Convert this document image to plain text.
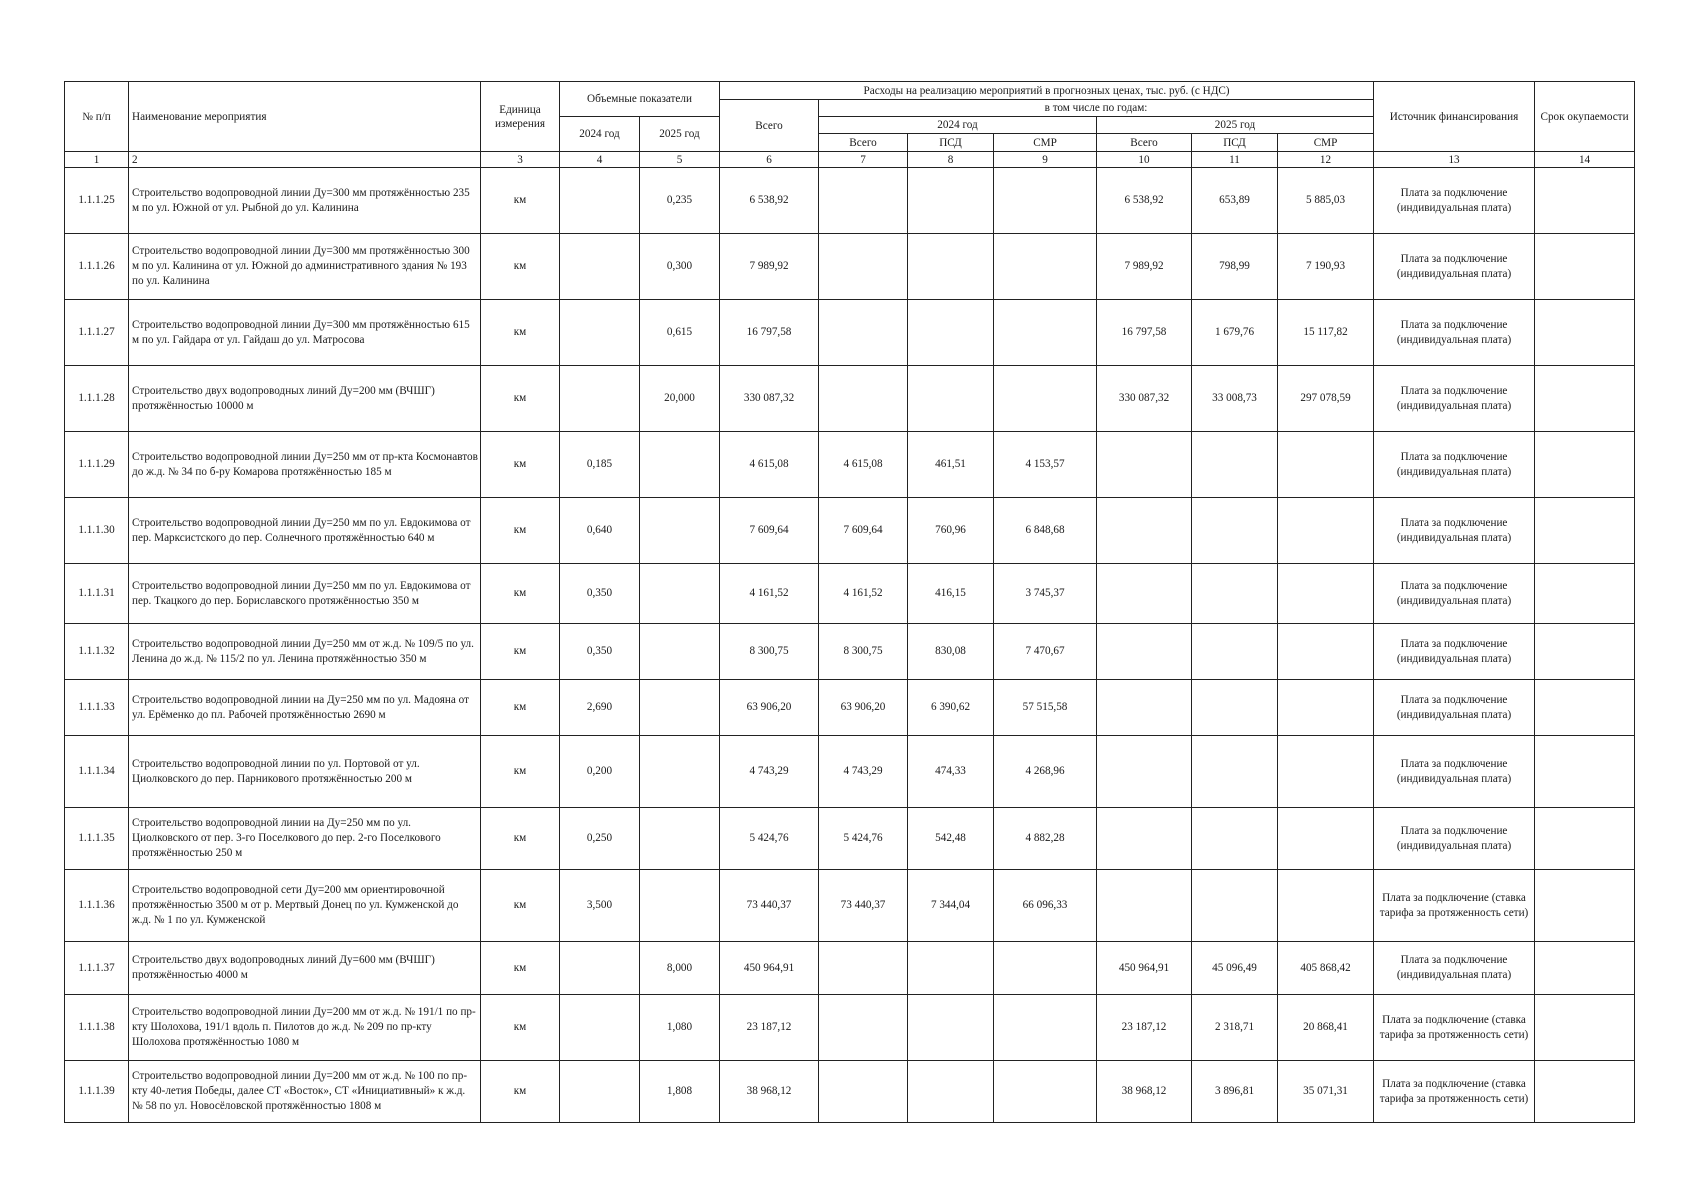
№ п/п	Наименование мероприятия	Единица измерения	Объемные показатели		Расходы на реализацию мероприятий в прогнозных ценах, тыс. руб. (с НДС)							Источник финансирования	Срок окупаемости
					Всего	в том числе по годам:							
			2024 год	2025 год		2024 год			2025 год				
						Всего	ПСД	СМР	Всего	ПСД	СМР		
1	2	3	4	5	6	7	8	9	10	11	12	13	14
1.1.1.25	Строительство водопроводной линии Ду=300 мм протяжённостью 235 м по ул. Южной от ул. Рыбной до ул. Калинина	км		0,235	6 538,92				6 538,92	653,89	5 885,03	Плата за подключение (индивидуальная плата)	
1.1.1.26	Строительство водопроводной линии Ду=300 мм протяжённостью 300 м по ул. Калинина от ул. Южной до административного здания № 193 по ул. Калинина	км		0,300	7 989,92				7 989,92	798,99	7 190,93	Плата за подключение (индивидуальная плата)	
1.1.1.27	Строительство водопроводной линии Ду=300 мм протяжённостью 615 м по ул. Гайдара от ул. Гайдаш до ул. Матросова	км		0,615	16 797,58				16 797,58	1 679,76	15 117,82	Плата за подключение (индивидуальная плата)	
1.1.1.28	Строительство двух водопроводных линий Ду=200 мм (ВЧШГ) протяжённостью 10000 м	км		20,000	330 087,32				330 087,32	33 008,73	297 078,59	Плата за подключение (индивидуальная плата)	
1.1.1.29	Строительство водопроводной линии Ду=250 мм от пр-кта Космонавтов до ж.д. № 34 по б-ру Комарова протяжённостью 185 м	км	0,185		4 615,08	4 615,08	461,51	4 153,57				Плата за подключение (индивидуальная плата)	
1.1.1.30	Строительство водопроводной линии Ду=250 мм по ул. Евдокимова от пер. Марксистского до пер. Солнечного протяжённостью 640 м	км	0,640		7 609,64	7 609,64	760,96	6 848,68				Плата за подключение (индивидуальная плата)	
1.1.1.31	Строительство водопроводной линии Ду=250 мм по ул. Евдокимова от пер. Ткацкого до пер. Бориславского протяжённостью 350 м	км	0,350		4 161,52	4 161,52	416,15	3 745,37				Плата за подключение (индивидуальная плата)	
1.1.1.32	Строительство водопроводной линии Ду=250 мм от ж.д. № 109/5 по ул. Ленина до ж.д. № 115/2 по ул. Ленина протяжённостью 350 м	км	0,350		8 300,75	8 300,75	830,08	7 470,67				Плата за подключение (индивидуальная плата)	
1.1.1.33	Строительство водопроводной линии на Ду=250 мм по ул. Мадояна от ул. Ерёменко до пл. Рабочей протяжённостью 2690 м	км	2,690		63 906,20	63 906,20	6 390,62	57 515,58				Плата за подключение (индивидуальная плата)	
1.1.1.34	Строительство водопроводной линии по ул. Портовой от ул. Циолковского до пер. Парникового протяжённостью 200 м	км	0,200		4 743,29	4 743,29	474,33	4 268,96				Плата за подключение (индивидуальная плата)	
1.1.1.35	Строительство водопроводной линии на Ду=250 мм по ул. Циолковского от пер. 3-го Поселкового до пер. 2-го Поселкового протяжённостью 250 м	км	0,250		5 424,76	5 424,76	542,48	4 882,28				Плата за подключение (индивидуальная плата)	
1.1.1.36	Строительство водопроводной сети Ду=200 мм ориентировочной протяжённостью 3500 м от р. Мертвый Донец по ул. Кумженской до ж.д. № 1 по ул. Кумженской	км	3,500		73 440,37	73 440,37	7 344,04	66 096,33				Плата за подключение (ставка тарифа за протяженность сети)	
1.1.1.37	Строительство двух водопроводных линий Ду=600 мм (ВЧШГ) протяжённостью 4000 м	км		8,000	450 964,91				450 964,91	45 096,49	405 868,42	Плата за подключение (индивидуальная плата)	
1.1.1.38	Строительство водопроводной линии Ду=200 мм от ж.д. № 191/1 по пр-кту Шолохова, 191/1 вдоль п. Пилотов до ж.д. № 209 по пр-кту Шолохова протяжённостью 1080 м	км		1,080	23 187,12				23 187,12	2 318,71	20 868,41	Плата за подключение (ставка тарифа за протяженность сети)	
1.1.1.39	Строительство водопроводной линии Ду=200 мм от ж.д. № 100 по пр-кту 40-летия Победы, далее СТ «Восток», СТ «Инициативный» к ж.д. № 58 по ул. Новосёловской протяжённостью 1808 м	км		1,808	38 968,12				38 968,12	3 896,81	35 071,31	Плата за подключение (ставка тарифа за протяженность сети)	
